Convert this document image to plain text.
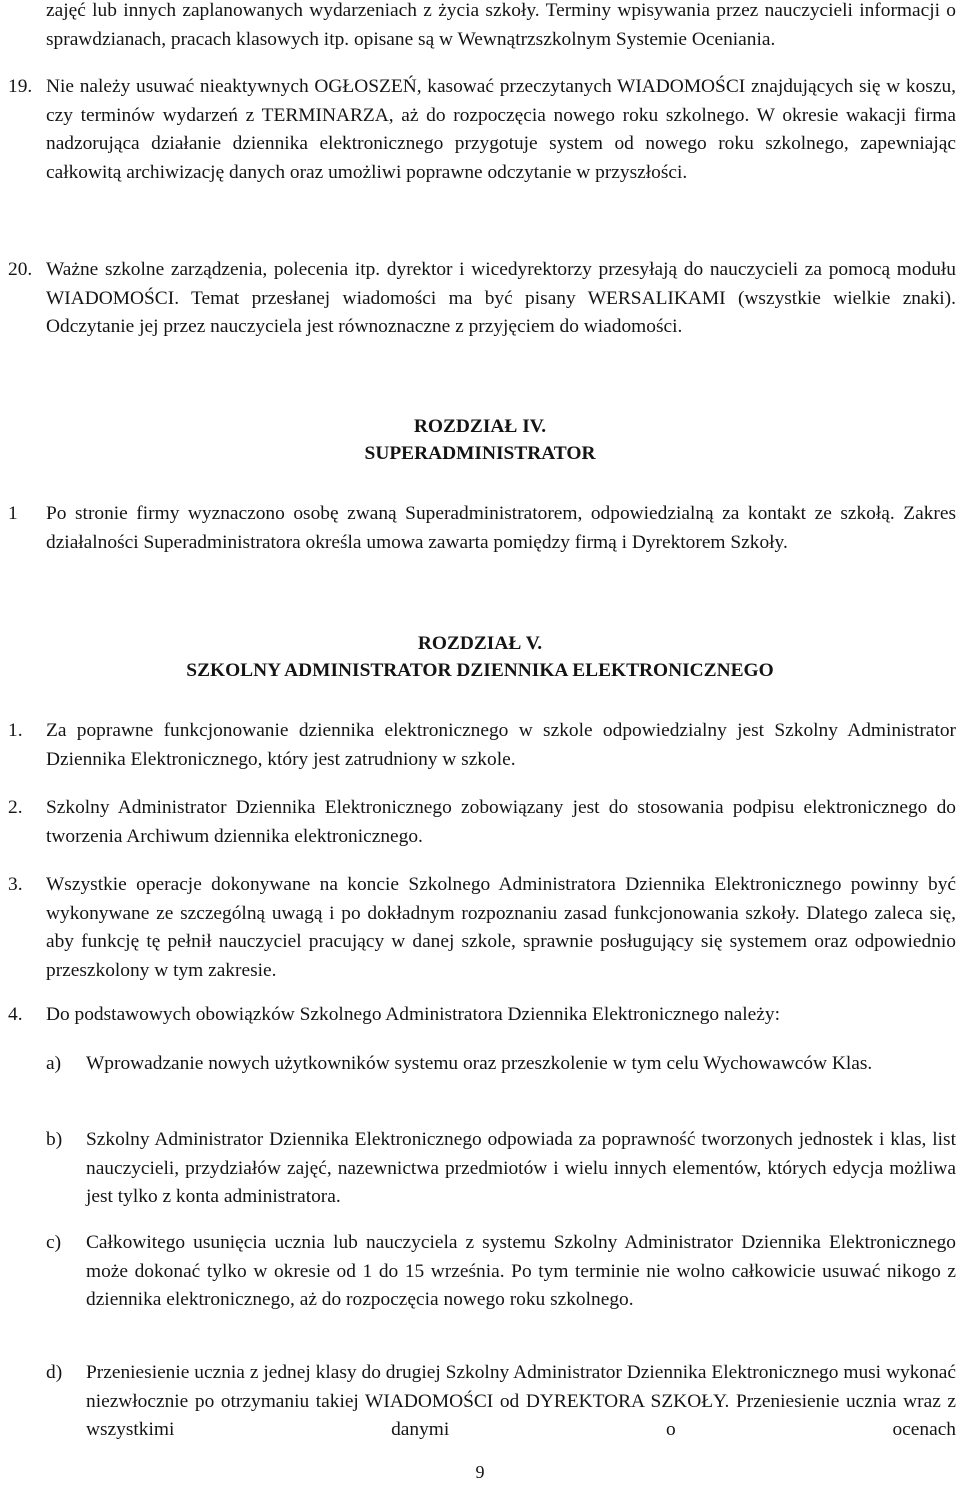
zajęć lub innych zaplanowanych wydarzeniach z życia szkoły. Terminy wpisywania przez nauczycieli informacji o sprawdzianach, pracach klasowych itp. opisane są w Wewnątrzszkolnym Systemie Oceniania.

19. Nie należy usuwać nieaktywnych OGŁOSZEŃ, kasować przeczytanych WIADOMOŚCI znajdujących się w koszu, czy terminów wydarzeń z TERMINARZA, aż do rozpoczęcia nowego roku szkolnego. W okresie wakacji firma nadzorująca działanie dziennika elektronicznego przygotuje system od nowego roku szkolnego, zapewniając całkowitą archiwizację danych oraz umożliwi poprawne odczytanie w przyszłości.

20. Ważne szkolne zarządzenia, polecenia itp. dyrektor i wicedyrektorzy przesyłają do nauczycieli za pomocą modułu WIADOMOŚCI. Temat przesłanej wiadomości ma być pisany WERSALIKAMI (wszystkie wielkie znaki). Odczytanie jej przez nauczyciela jest równoznaczne z przyjęciem do wiadomości.

ROZDZIAŁ IV.
SUPERADMINISTRATOR
1 Po stronie firmy wyznaczono osobę zwaną Superadministratorem, odpowiedzialną za kontakt ze szkołą. Zakres działalności Superadministratora określa umowa zawarta pomiędzy firmą i Dyrektorem Szkoły.

ROZDZIAŁ V.
SZKOLNY ADMINISTRATOR DZIENNIKA ELEKTRONICZNEGO
1. Za poprawne funkcjonowanie dziennika elektronicznego w szkole odpowiedzialny jest Szkolny Administrator Dziennika Elektronicznego, który jest zatrudniony w szkole.

2. Szkolny Administrator Dziennika Elektronicznego zobowiązany jest do stosowania podpisu elektronicznego do tworzenia Archiwum dziennika elektronicznego.

3. Wszystkie operacje dokonywane na koncie Szkolnego Administratora Dziennika Elektronicznego powinny być wykonywane ze szczególną uwagą i po dokładnym rozpoznaniu zasad funkcjonowania szkoły. Dlatego zaleca się, aby funkcję tę pełnił nauczyciel pracujący w danej szkole, sprawnie posługujący się systemem oraz odpowiednio przeszkolony w tym zakresie.

4. Do podstawowych obowiązków Szkolnego Administratora Dziennika Elektronicznego należy:

a) Wprowadzanie nowych użytkowników systemu oraz przeszkolenie w tym celu Wychowawców Klas.

b) Szkolny Administrator Dziennika Elektronicznego odpowiada za poprawność tworzonych jednostek i klas, list nauczycieli, przydziałów zajęć, nazewnictwa przedmiotów i wielu innych elementów, których edycja możliwa jest tylko z konta administratora.

c) Całkowitego usunięcia ucznia lub nauczyciela z systemu Szkolny Administrator Dziennika Elektronicznego może dokonać tylko w okresie od 1 do 15 września. Po tym terminie nie wolno całkowicie usuwać nikogo z dziennika elektronicznego, aż do rozpoczęcia nowego roku szkolnego.

d) Przeniesienie ucznia z jednej klasy do drugiej Szkolny Administrator Dziennika Elektronicznego musi wykonać niezwłocznie po otrzymaniu takiej WIADOMOŚCI od DYREKTORA SZKOŁY. Przeniesienie ucznia wraz z wszystkimi danymi o ocenach

9
